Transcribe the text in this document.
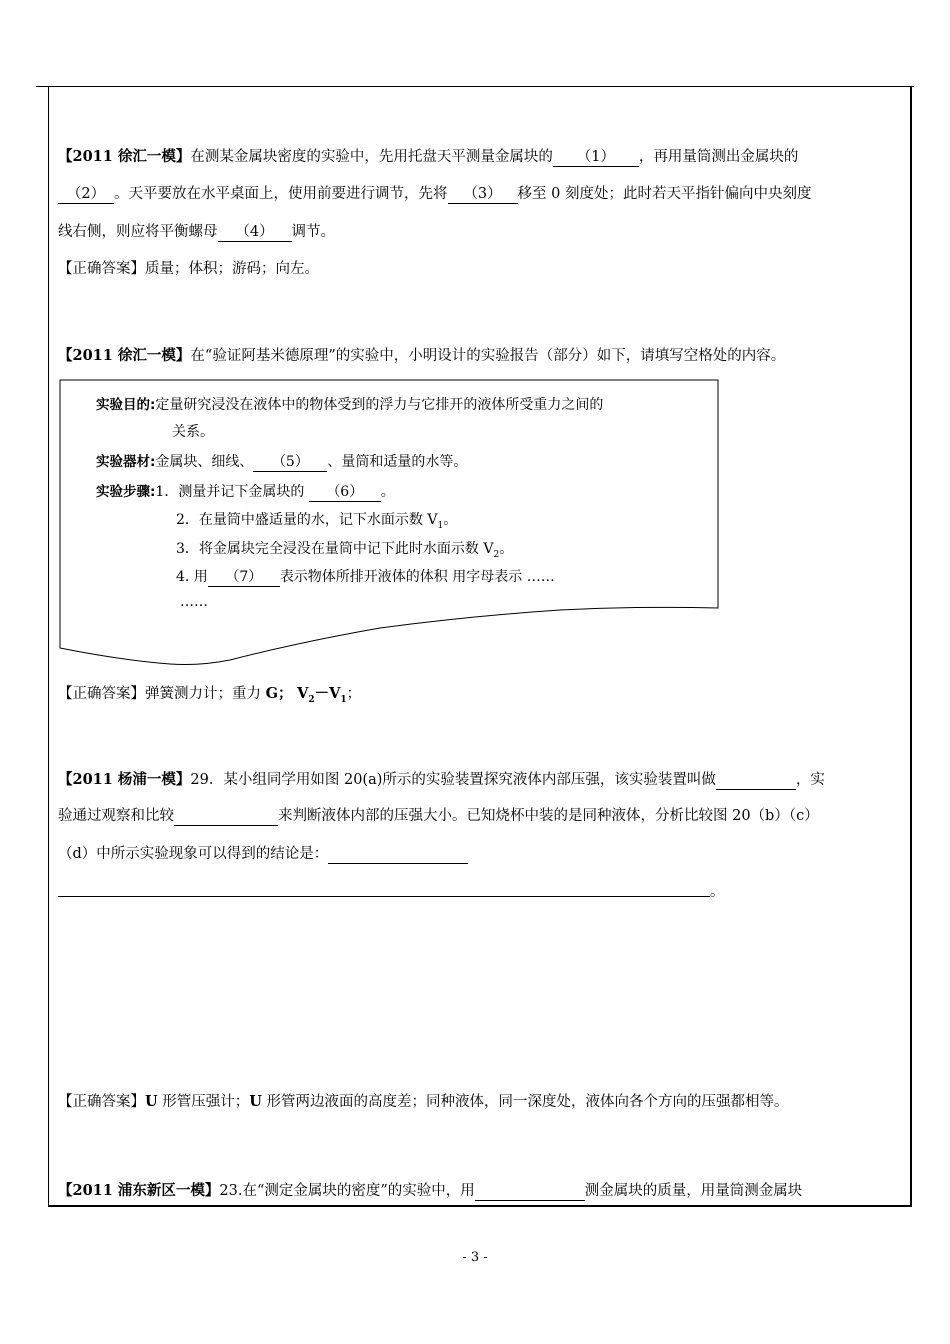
【2011 徐汇一模】在测某金属块密度的实验中，先用托盘天平测量金属块的 （1） ，再用量筒测出金属块的
（2） 。天平要放在水平桌面上，使用前要进行调节，先将 （3） 移至 0 刻度处；此时若天平指针偏向中央刻度
线右侧，则应将平衡螺母 （4） 调节。
【正确答案】质量；体积；游码；向左。
【2011 徐汇一模】在“验证阿基米德原理”的实验中，小明设计的实验报告（部分）如下，请填写空格处的内容。
实验目的:定量研究浸没在液体中的物体受到的浮力与它排开的液体所受重力之间的
关系。
实验器材:金属块、细线、 （5） 、量筒和适量的水等。
实验步骤:1．测量并记下金属块的 （6） 。
2．在量筒中盛适量的水，记下水面示数 $V_1$。
3．将金属块完全浸没在量筒中记下此时水面示数 $V_2$。
4. 用 （7） 表示物体所排开液体的体积 用字母表示 ……
……
【正确答案】弹簧测力计；重力 G； $V_2-V_1$；
【2011 杨浦一模】29．某小组同学用如图 20(a)所示的实验装置探究液体内部压强，该实验装置叫做	，实
验通过观察和比较	来判断液体内部的压强大小。已知烧杯中装的是同种液体，分析比较图 20（b）（c）
（d）中所示实验现象可以得到的结论是：
。
【正确答案】U 形管压强计；U 形管两边液面的高度差；同种液体，同一深度处，液体向各个方向的压强都相等。
【2011 浦东新区一模】23.在“测定金属块的密度”的实验中，用	测金属块的质量，用量筒测金属块
- 3 -
